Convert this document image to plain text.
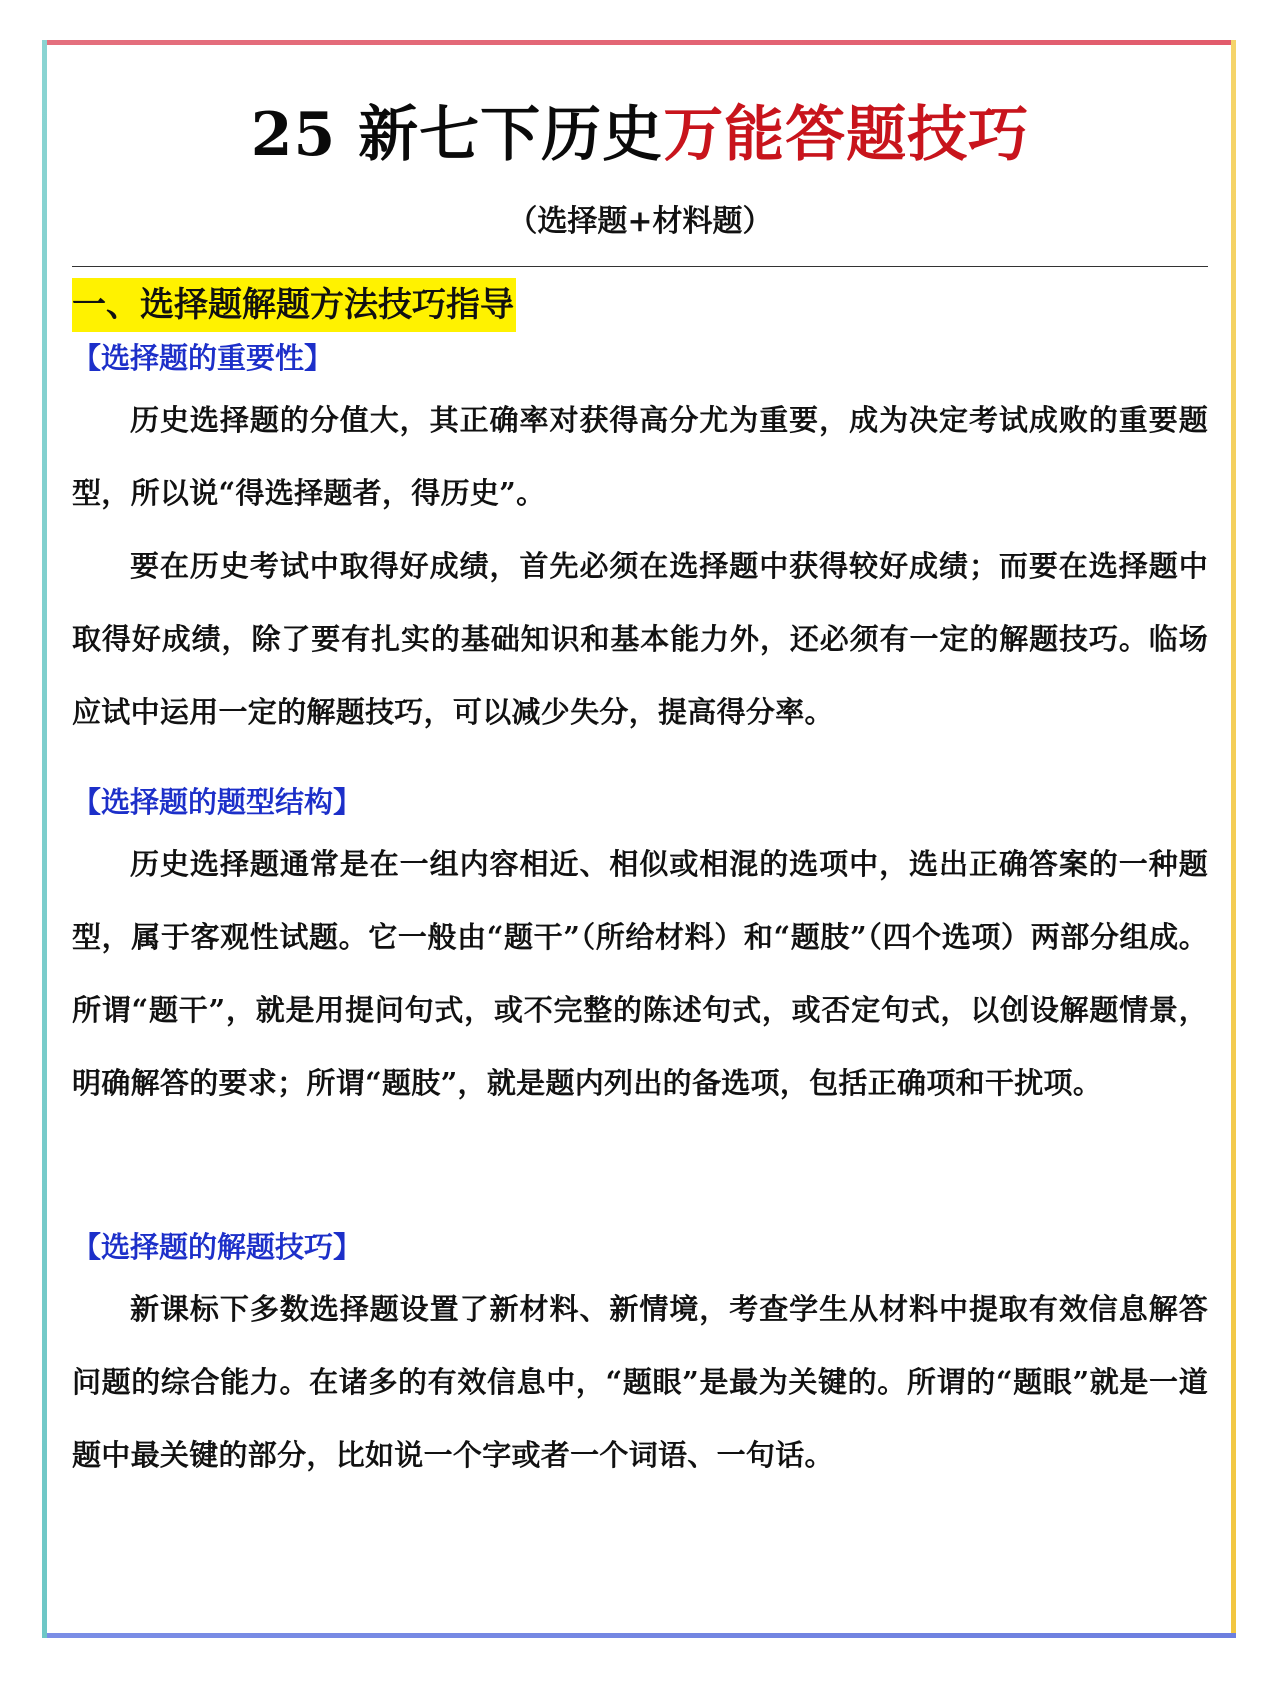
25 新七下历史万能答题技巧
（选择题+材料题）
一、选择题解题方法技巧指导
【选择题的重要性】

历史选择题的分值大，其正确率对获得高分尤为重要，成为决定考试成败的重要题型，所以说“得选择题者，得历史”。

要在历史考试中取得好成绩，首先必须在选择题中获得较好成绩；而要在选择题中取得好成绩，除了要有扎实的基础知识和基本能力外，还必须有一定的解题技巧。临场应试中运用一定的解题技巧，可以减少失分，提高得分率。

【选择题的题型结构】

历史选择题通常是在一组内容相近、相似或相混的选项中，选出正确答案的一种题型，属于客观性试题。它一般由“题干”（所给材料）和“题肢”（四个选项）两部分组成。所谓“题干”，就是用提问句式，或不完整的陈述句式，或否定句式，以创设解题情景，明确解答的要求；所谓“题肢”，就是题内列出的备选项，包括正确项和干扰项。

【选择题的解题技巧】

新课标下多数选择题设置了新材料、新情境，考查学生从材料中提取有效信息解答问题的综合能力。在诸多的有效信息中，“题眼”是最为关键的。所谓的“题眼”就是一道题中最关键的部分，比如说一个字或者一个词语、一句话。
